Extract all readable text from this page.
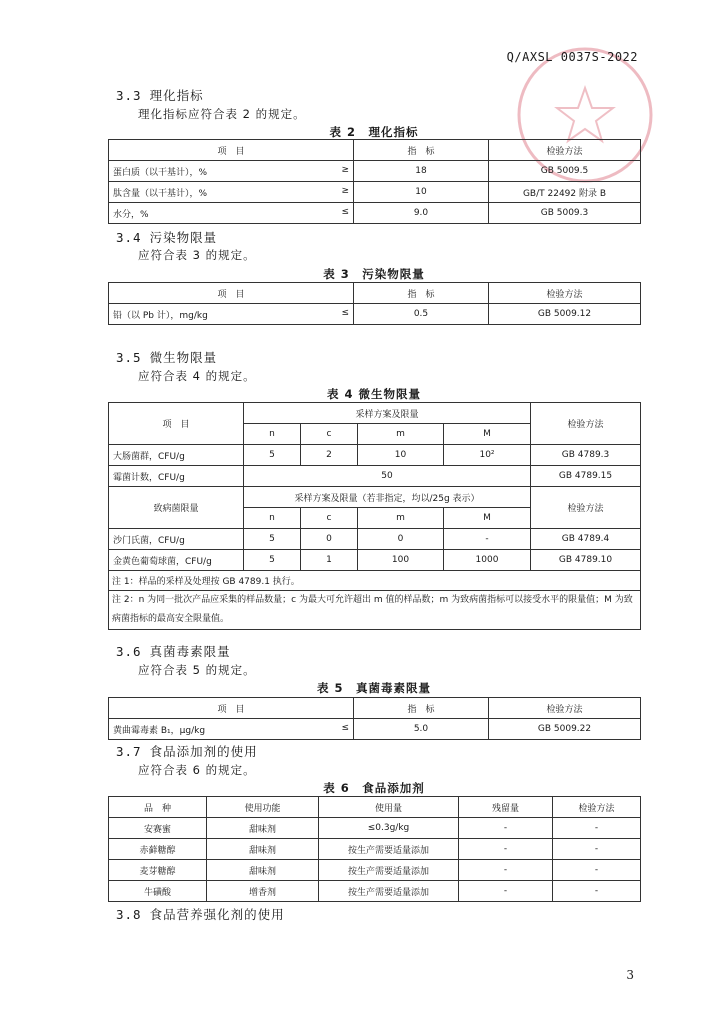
Q/AXSL 0037S-2022
3.3 理化指标
理化指标应符合表 2 的规定。
表 2　理化指标
项　目	指　标	检验方法
蛋白质（以干基计），% ≥	18	GB 5009.5
肽含量（以干基计），% ≥	10	GB/T 22492 附录 B
水分，% ≤	9.0	GB 5009.3
3.4 污染物限量
应符合表 3 的规定。
表 3　污染物限量
项　目	指　标	检验方法
铅（以 Pb 计），mg/kg ≤	0.5	GB 5009.12
3.5 微生物限量
应符合表 4 的规定。
表 4 微生物限量
项　目	采样方案及限量				检验方法
	n	c	m	M	
大肠菌群，CFU/g	5	2	10	10²	GB 4789.3
霉菌计数，CFU/g	50				GB 4789.15
致病菌限量	采样方案及限量（若非指定，均以/25g 表示）				检验方法
	n	c	m	M	
沙门氏菌，CFU/g	5	0	0	-	GB 4789.4
金黄色葡萄球菌，CFU/g	5	1	100	1000	GB 4789.10
注 1：样品的采样及处理按 GB 4789.1 执行。					
注 2：n 为同一批次产品应采集的样品数量；c 为最大可允许超出 m 值的样品数；m 为致病菌指标可以接受水平的限量值；M 为致病菌指标的最高安全限量值。					
3.6 真菌毒素限量
应符合表 5 的规定。
表 5　真菌毒素限量
项　目	指　标	检验方法
黄曲霉毒素 B₁，μg/kg ≤	5.0	GB 5009.22
3.7 食品添加剂的使用
应符合表 6 的规定。
表 6　食品添加剂
品　种	使用功能	使用量	残留量	检验方法
安赛蜜	甜味剂	≤0.3g/kg	-	-
赤藓糖醇	甜味剂	按生产需要适量添加	-	-
麦芽糖醇	甜味剂	按生产需要适量添加	-	-
牛磺酸	增香剂	按生产需要适量添加	-	-
3.8 食品营养强化剂的使用
3
